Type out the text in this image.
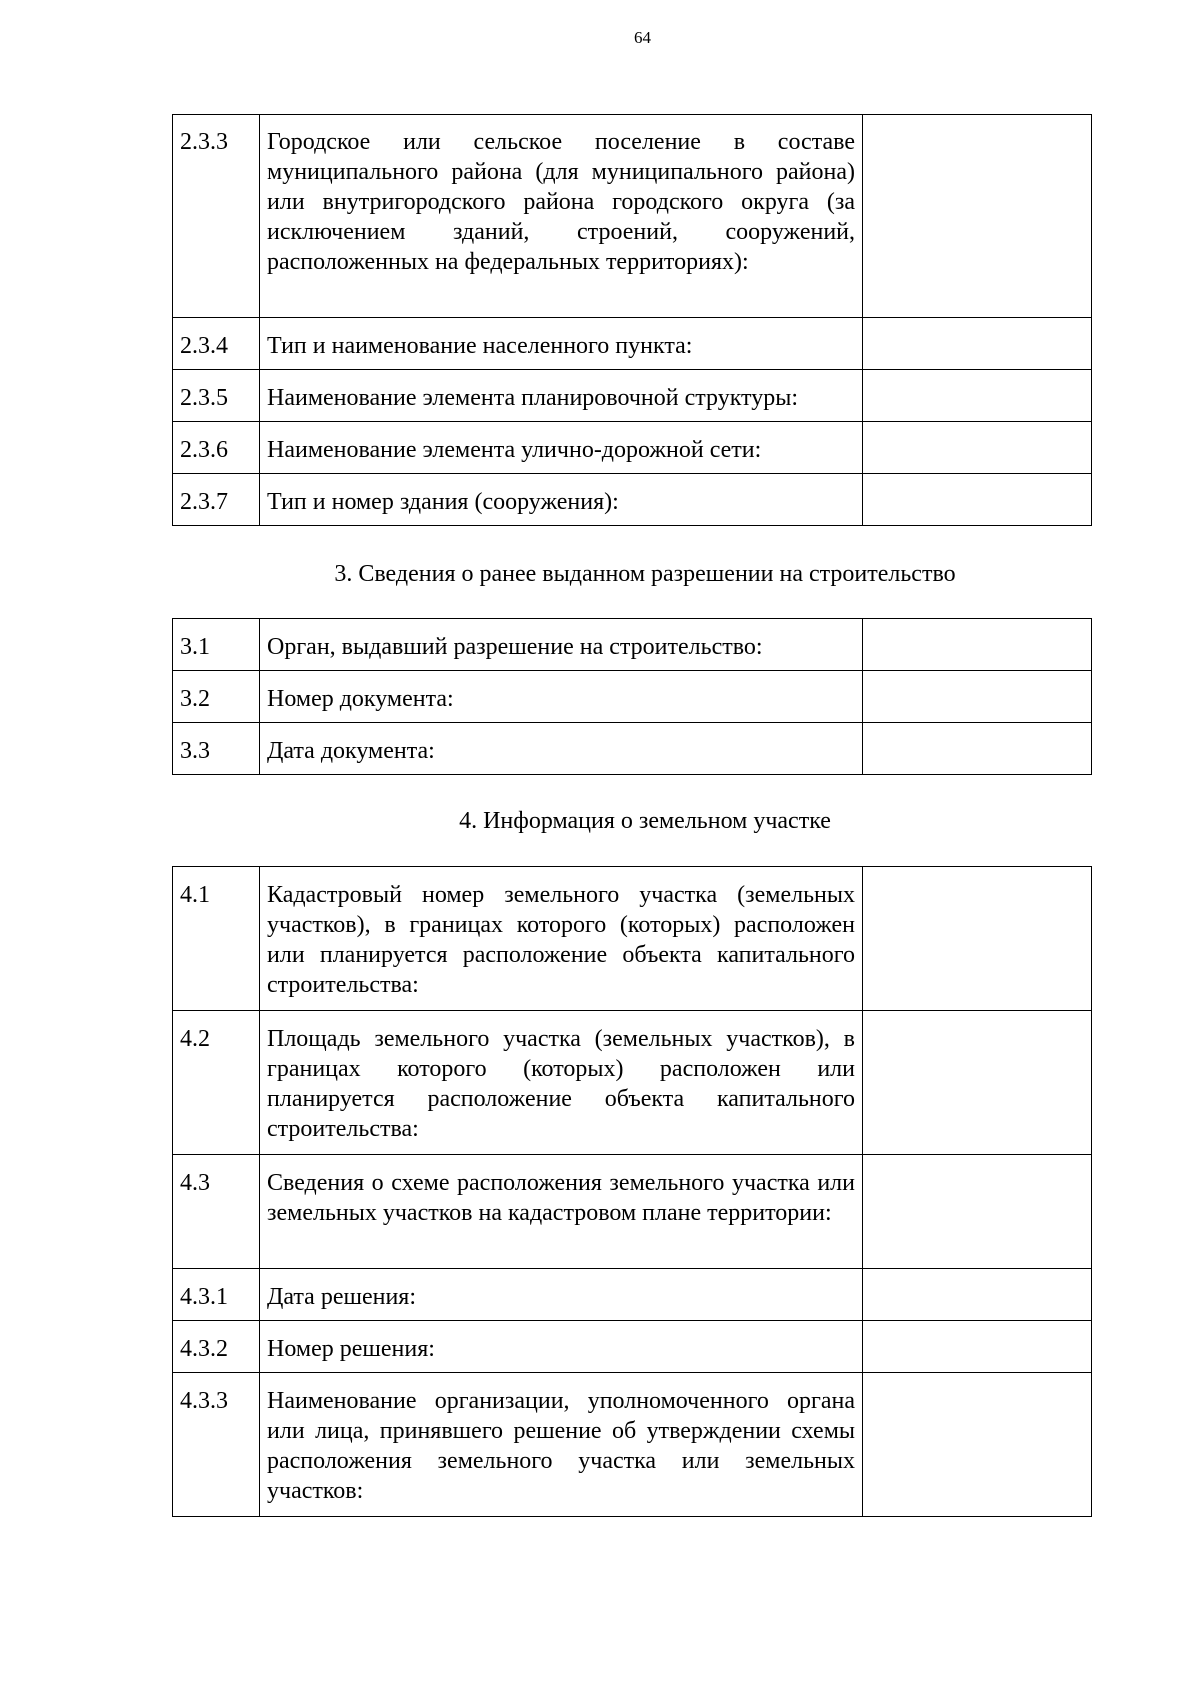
64
2.3.3	Городское или сельское поселение в составе муниципального района (для муниципального района) или внутригородского района городского округа (за исключением зданий, строений, сооружений, расположенных на федеральных территориях):	
2.3.4	Тип и наименование населенного пункта:	
2.3.5	Наименование элемента планировочной структуры:	
2.3.6	Наименование элемента улично-дорожной сети:	
2.3.7	Тип и номер здания (сооружения):	
3. Сведения о ранее выданном разрешении на строительство
3.1	Орган, выдавший разрешение на строительство:	
3.2	Номер документа:	
3.3	Дата документа:	
4. Информация о земельном участке
4.1	Кадастровый номер земельного участка (земельных участков), в границах которого (которых) расположен или планируется расположение объекта капитального строительства:	
4.2	Площадь земельного участка (земельных участков), в границах которого (которых) расположен или планируется расположение объекта капитального строительства:	
4.3	Сведения о схеме расположения земельного участка или земельных участков на кадастровом плане территории:	
4.3.1	Дата решения:	
4.3.2	Номер решения:	
4.3.3	Наименование организации, уполномоченного органа или лица, принявшего решение об утверждении схемы расположения земельного участка или земельных участков:	
